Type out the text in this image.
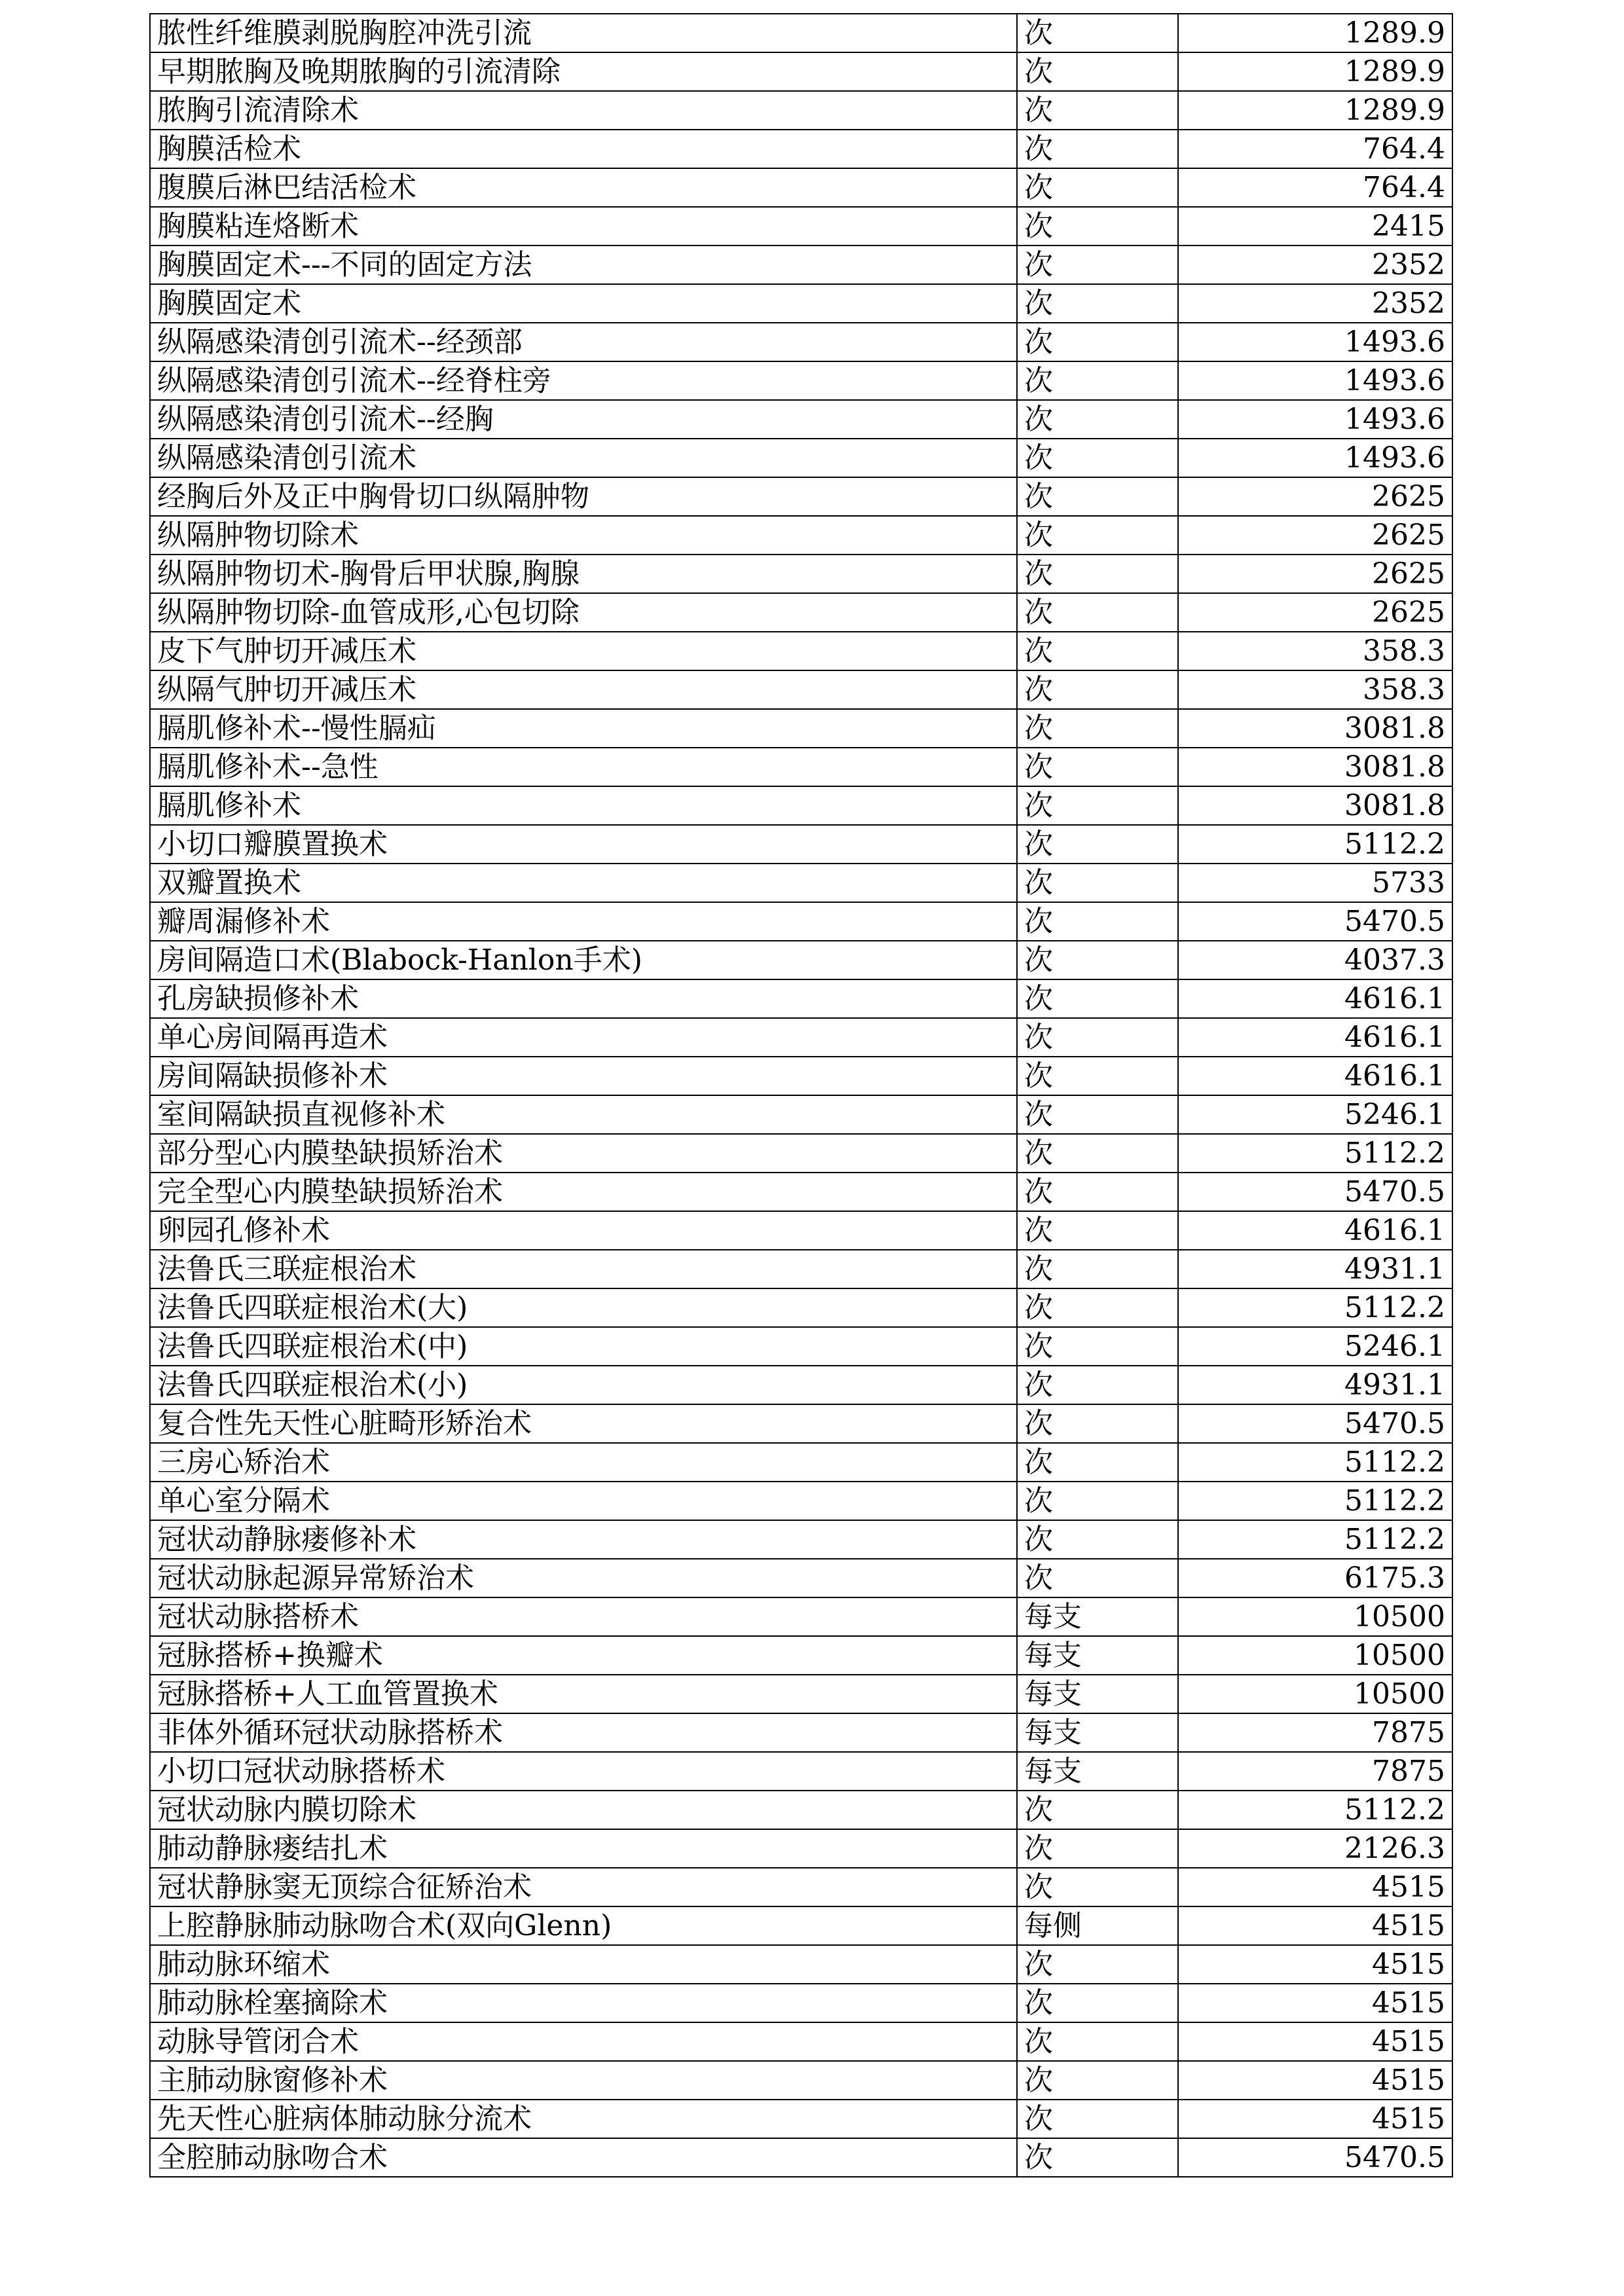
脓性纤维膜剥脱胸腔冲洗引流	次	1289.9
早期脓胸及晚期脓胸的引流清除	次	1289.9
脓胸引流清除术	次	1289.9
胸膜活检术	次	764.4
腹膜后淋巴结活检术	次	764.4
胸膜粘连烙断术	次	2415
胸膜固定术---不同的固定方法	次	2352
胸膜固定术	次	2352
纵隔感染清创引流术--经颈部	次	1493.6
纵隔感染清创引流术--经脊柱旁	次	1493.6
纵隔感染清创引流术--经胸	次	1493.6
纵隔感染清创引流术	次	1493.6
经胸后外及正中胸骨切口纵隔肿物	次	2625
纵隔肿物切除术	次	2625
纵隔肿物切术-胸骨后甲状腺,胸腺	次	2625
纵隔肿物切除-血管成形,心包切除	次	2625
皮下气肿切开减压术	次	358.3
纵隔气肿切开减压术	次	358.3
膈肌修补术--慢性膈疝	次	3081.8
膈肌修补术--急性	次	3081.8
膈肌修补术	次	3081.8
小切口瓣膜置换术	次	5112.2
双瓣置换术	次	5733
瓣周漏修补术	次	5470.5
房间隔造口术(Blabock-Hanlon手术)	次	4037.3
孔房缺损修补术	次	4616.1
单心房间隔再造术	次	4616.1
房间隔缺损修补术	次	4616.1
室间隔缺损直视修补术	次	5246.1
部分型心内膜垫缺损矫治术	次	5112.2
完全型心内膜垫缺损矫治术	次	5470.5
卵园孔修补术	次	4616.1
法鲁氏三联症根治术	次	4931.1
法鲁氏四联症根治术(大)	次	5112.2
法鲁氏四联症根治术(中)	次	5246.1
法鲁氏四联症根治术(小)	次	4931.1
复合性先天性心脏畸形矫治术	次	5470.5
三房心矫治术	次	5112.2
单心室分隔术	次	5112.2
冠状动静脉瘘修补术	次	5112.2
冠状动脉起源异常矫治术	次	6175.3
冠状动脉搭桥术	每支	10500
冠脉搭桥+换瓣术	每支	10500
冠脉搭桥+人工血管置换术	每支	10500
非体外循环冠状动脉搭桥术	每支	7875
小切口冠状动脉搭桥术	每支	7875
冠状动脉内膜切除术	次	5112.2
肺动静脉瘘结扎术	次	2126.3
冠状静脉窦无顶综合征矫治术	次	4515
上腔静脉肺动脉吻合术(双向Glenn)	每侧	4515
肺动脉环缩术	次	4515
肺动脉栓塞摘除术	次	4515
动脉导管闭合术	次	4515
主肺动脉窗修补术	次	4515
先天性心脏病体肺动脉分流术	次	4515
全腔肺动脉吻合术	次	5470.5
